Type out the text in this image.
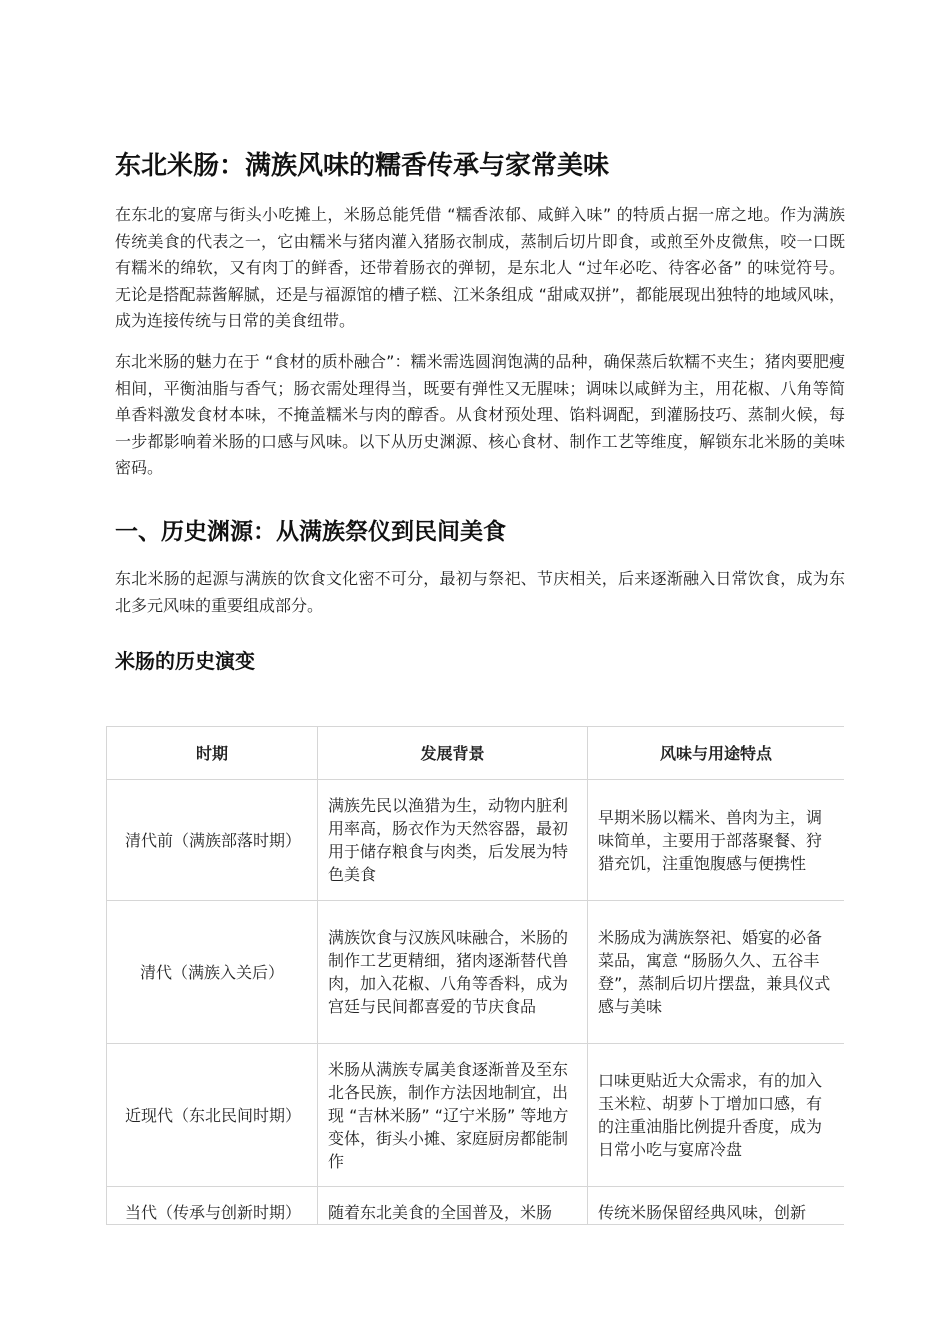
东北米肠：满族风味的糯香传承与家常美味

在东北的宴席与街头小吃摊上，米肠总能凭借 “糯香浓郁、咸鲜入味” 的特质占据一席之地。作为满族传统美食的代表之一，它由糯米与猪肉灌入猪肠衣制成，蒸制后切片即食，或煎至外皮微焦，咬一口既有糯米的绵软，又有肉丁的鲜香，还带着肠衣的弹韧，是东北人 “过年必吃、待客必备” 的味觉符号。无论是搭配蒜酱解腻，还是与福源馆的槽子糕、江米条组成 “甜咸双拼”，都能展现出独特的地域风味，成为连接传统与日常的美食纽带。

东北米肠的魅力在于 “食材的质朴融合”：糯米需选圆润饱满的品种，确保蒸后软糯不夹生；猪肉要肥瘦相间，平衡油脂与香气；肠衣需处理得当，既要有弹性又无腥味；调味以咸鲜为主，用花椒、八角等简单香料激发食材本味，不掩盖糯米与肉的醇香。从食材预处理、馅料调配，到灌肠技巧、蒸制火候，每一步都影响着米肠的口感与风味。以下从历史渊源、核心食材、制作工艺等维度，解锁东北米肠的美味密码。

一、历史渊源：从满族祭仪到民间美食

东北米肠的起源与满族的饮食文化密不可分，最初与祭祀、节庆相关，后来逐渐融入日常饮食，成为东北多元风味的重要组成部分。

米肠的历史演变
时期	发展背景	风味与用途特点
清代前（满族部落时期）	满族先民以渔猎为生，动物内脏利用率高，肠衣作为天然容器，最初用于储存粮食与肉类，后发展为特色美食	早期米肠以糯米、兽肉为主，调味简单，主要用于部落聚餐、狩猎充饥，注重饱腹感与便携性
清代（满族入关后）	满族饮食与汉族风味融合，米肠的制作工艺更精细，猪肉逐渐替代兽肉，加入花椒、八角等香料，成为宫廷与民间都喜爱的节庆食品	米肠成为满族祭祀、婚宴的必备菜品，寓意 “肠肠久久、五谷丰登”，蒸制后切片摆盘，兼具仪式感与美味
近现代（东北民间时期）	米肠从满族专属美食逐渐普及至东北各民族，制作方法因地制宜，出现 “吉林米肠” “辽宁米肠” 等地方变体，街头小摊、家庭厨房都能制作	口味更贴近大众需求，有的加入玉米粒、胡萝卜丁增加口感，有的注重油脂比例提升香度，成为日常小吃与宴席冷盘
当代（传承与创新时期）	随着东北美食的全国普及，米肠	传统米肠保留经典风味，创新
